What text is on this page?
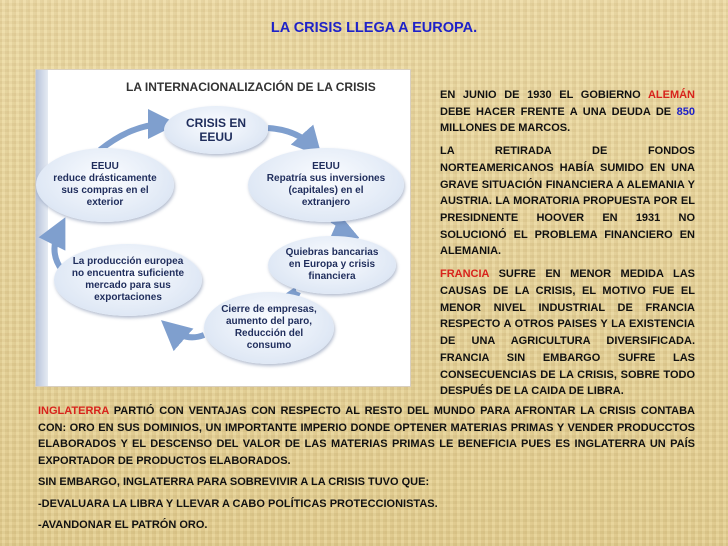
LA CRISIS LLEGA A EUROPA.
LA INTERNACIONALIZACIÓN DE LA CRISIS
CRISIS EN
EEUU
EEUU
Repatría sus inversiones
(capitales) en el
extranjero
Quiebras bancarias
en Europa y crisis
financiera
Cierre de empresas,
aumento del paro,
Reducción del
consumo
La producción europea
no encuentra suficiente
mercado para sus
exportaciones
EEUU
reduce drásticamente
sus compras en el
exterior

EN JUNIO DE 1930 EL GOBIERNO ALEMÁN DEBE HACER FRENTE A UNA DEUDA DE 850 MILLONES DE MARCOS.

LA RETIRADA DE FONDOS NORTEAMERICANOS HABÍA SUMIDO EN UNA GRAVE SITUACIÓN FINANCIERA A ALEMANIA Y AUSTRIA. LA MORATORIA PROPUESTA POR EL PRESIDNENTE HOOVER EN 1931 NO SOLUCIONÓ EL PROBLEMA FINANCIERO EN ALEMANIA.

FRANCIA SUFRE EN MENOR MEDIDA LAS CAUSAS DE LA CRISIS, EL MOTIVO FUE EL MENOR NIVEL INDUSTRIAL DE FRANCIA RESPECTO A OTROS PAISES Y LA EXISTENCIA DE UNA AGRICULTURA DIVERSIFICADA. FRANCIA SIN EMBARGO SUFRE LAS CONSECUENCIAS DE LA CRISIS, SOBRE TODO DESPUÉS DE LA CAIDA DE LIBRA.

INGLATERRA PARTIÓ CON VENTAJAS CON RESPECTO AL RESTO DEL MUNDO PARA AFRONTAR LA CRISIS CONTABA CON: ORO EN SUS DOMINIOS, UN IMPORTANTE IMPERIO DONDE OPTENER MATERIAS PRIMAS Y VENDER PRODUCCTOS ELABORADOS Y EL DESCENSO DEL VALOR DE LAS MATERIAS PRIMAS LE BENEFICIA PUES ES INGLATERRA UN PAÍS EXPORTADOR DE PRODUCTOS ELABORADOS.

SIN EMBARGO, INGLATERRA PARA SOBREVIVIR A LA CRISIS TUVO QUE:

-DEVALUARA LA LIBRA Y LLEVAR A CABO POLÍTICAS PROTECCIONISTAS.

-AVANDONAR EL PATRÓN ORO.
